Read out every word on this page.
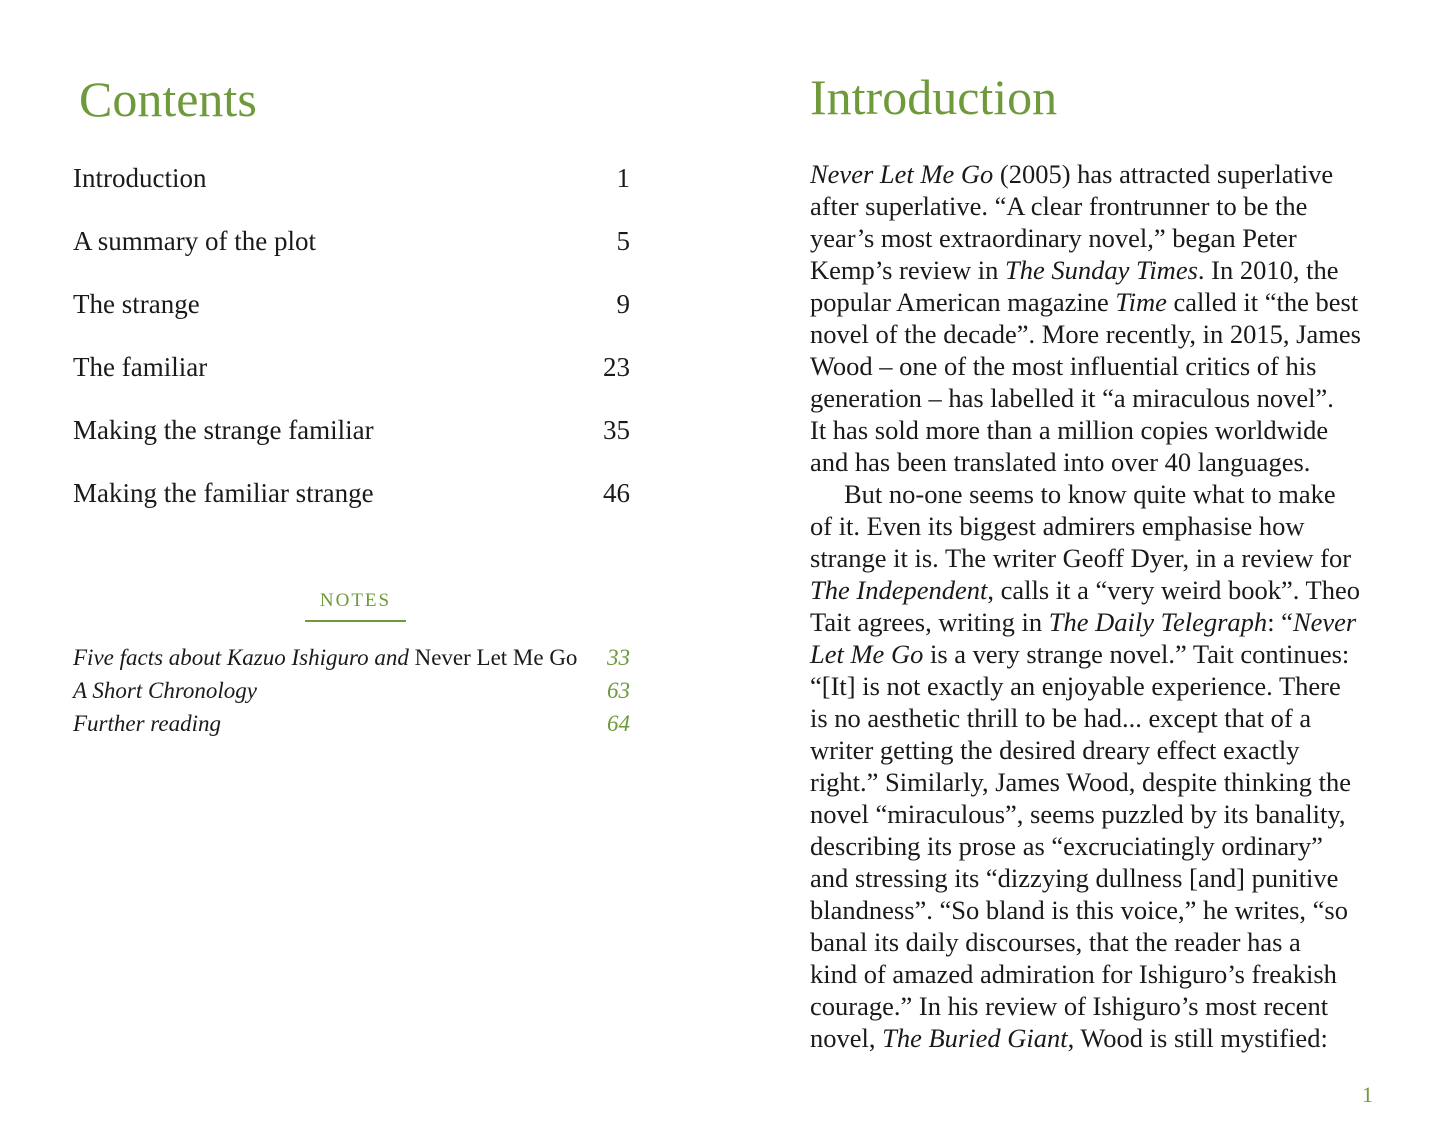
Contents
Introduction	1
A summary of the plot	5
The strange	9
The familiar	23
Making the strange familiar	35
Making the familiar strange	46
NOTES
Five facts about Kazuo Ishiguro and Never Let Me Go 33
A Short Chronology	63
Further reading	64
Introduction
Never Let Me Go (2005) has attracted superlative
after superlative. “A clear frontrunner to be the
year’s most extraordinary novel,” began Peter
Kemp’s review in The Sunday Times. In 2010, the
popular American magazine Time called it “the best
novel of the decade”. More recently, in 2015, James
Wood – one of the most influential critics of his
generation – has labelled it “a miraculous novel”.
It has sold more than a million copies worldwide
and has been translated into over 40 languages.
But no-one seems to know quite what to make
of it. Even its biggest admirers emphasise how
strange it is. The writer Geoff Dyer, in a review for
The Independent, calls it a “very weird book”. Theo
Tait agrees, writing in The Daily Telegraph: “Never
Let Me Go is a very strange novel.” Tait continues:
“[It] is not exactly an enjoyable experience. There
is no aesthetic thrill to be had... except that of a
writer getting the desired dreary effect exactly
right.” Similarly, James Wood, despite thinking the
novel “miraculous”, seems puzzled by its banality,
describing its prose as “excruciatingly ordinary”
and stressing its “dizzying dullness [and] punitive
blandness”. “So bland is this voice,” he writes, “so
banal its daily discourses, that the reader has a
kind of amazed admiration for Ishiguro’s freakish
courage.” In his review of Ishiguro’s most recent
novel, The Buried Giant, Wood is still mystified:
1
